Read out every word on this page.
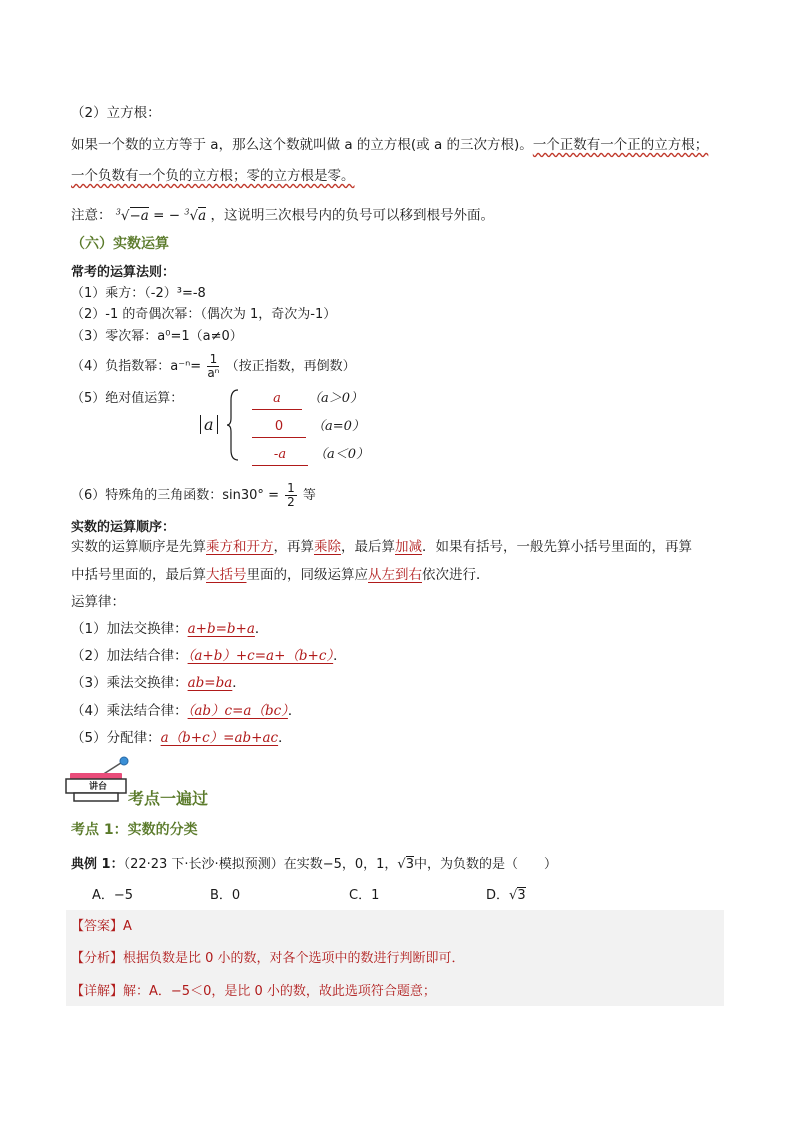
（2）立方根：
如果一个数的立方等于 a，那么这个数就叫做 a 的立方根(或 a 的三次方根)。一个正数有一个正的立方根；
一个负数有一个负的立方根；零的立方根是零。
注意： $^3$√−a = − $^3$√a ，这说明三次根号内的负号可以移到根号外面。
（六）实数运算
常考的运算法则：
（1）乘方：（-2）³=-8
（2）-1 的奇偶次幂：（偶次为 1，奇次为-1）
（3）零次幂：a⁰=1（a≠0）
（4）负指数幂：$a^{-n}= \frac{1}{\text{aⁿ}}$ （按正指数，再倒数）
（5）绝对值运算：
a
a （a＞0）
0 （a=0）
-a （a＜0）
（6）特殊角的三角函数：$\sin 30^\circ = \frac{1}{2}$ 等
实数的运算顺序：
实数的运算顺序是先算乘方和开方，再算乘除，最后算加减．如果有括号，一般先算小括号里面的，再算
中括号里面的，最后算大括号里面的，同级运算应从左到右依次进行．
运算律：
（1）加法交换律：a+b=b+a．
（2）加法结合律：（a+b）+c=a+（b+c）．
（3）乘法交换律：ab=ba．
（4）乘法结合律：（ab）c=a（bc）．
（5）分配律：a（b+c）=ab+ac．
讲台
考点一遍过
考点 1：实数的分类
典例 1：（22·23 下·长沙·模拟预测）在实数−5，0，1，√3中，为负数的是（　　）
A．−5	B．0	C．1	D．√3
【答案】A
【分析】根据负数是比 0 小的数，对各个选项中的数进行判断即可．
【详解】解：A．−5＜0，是比 0 小的数，故此选项符合题意；
